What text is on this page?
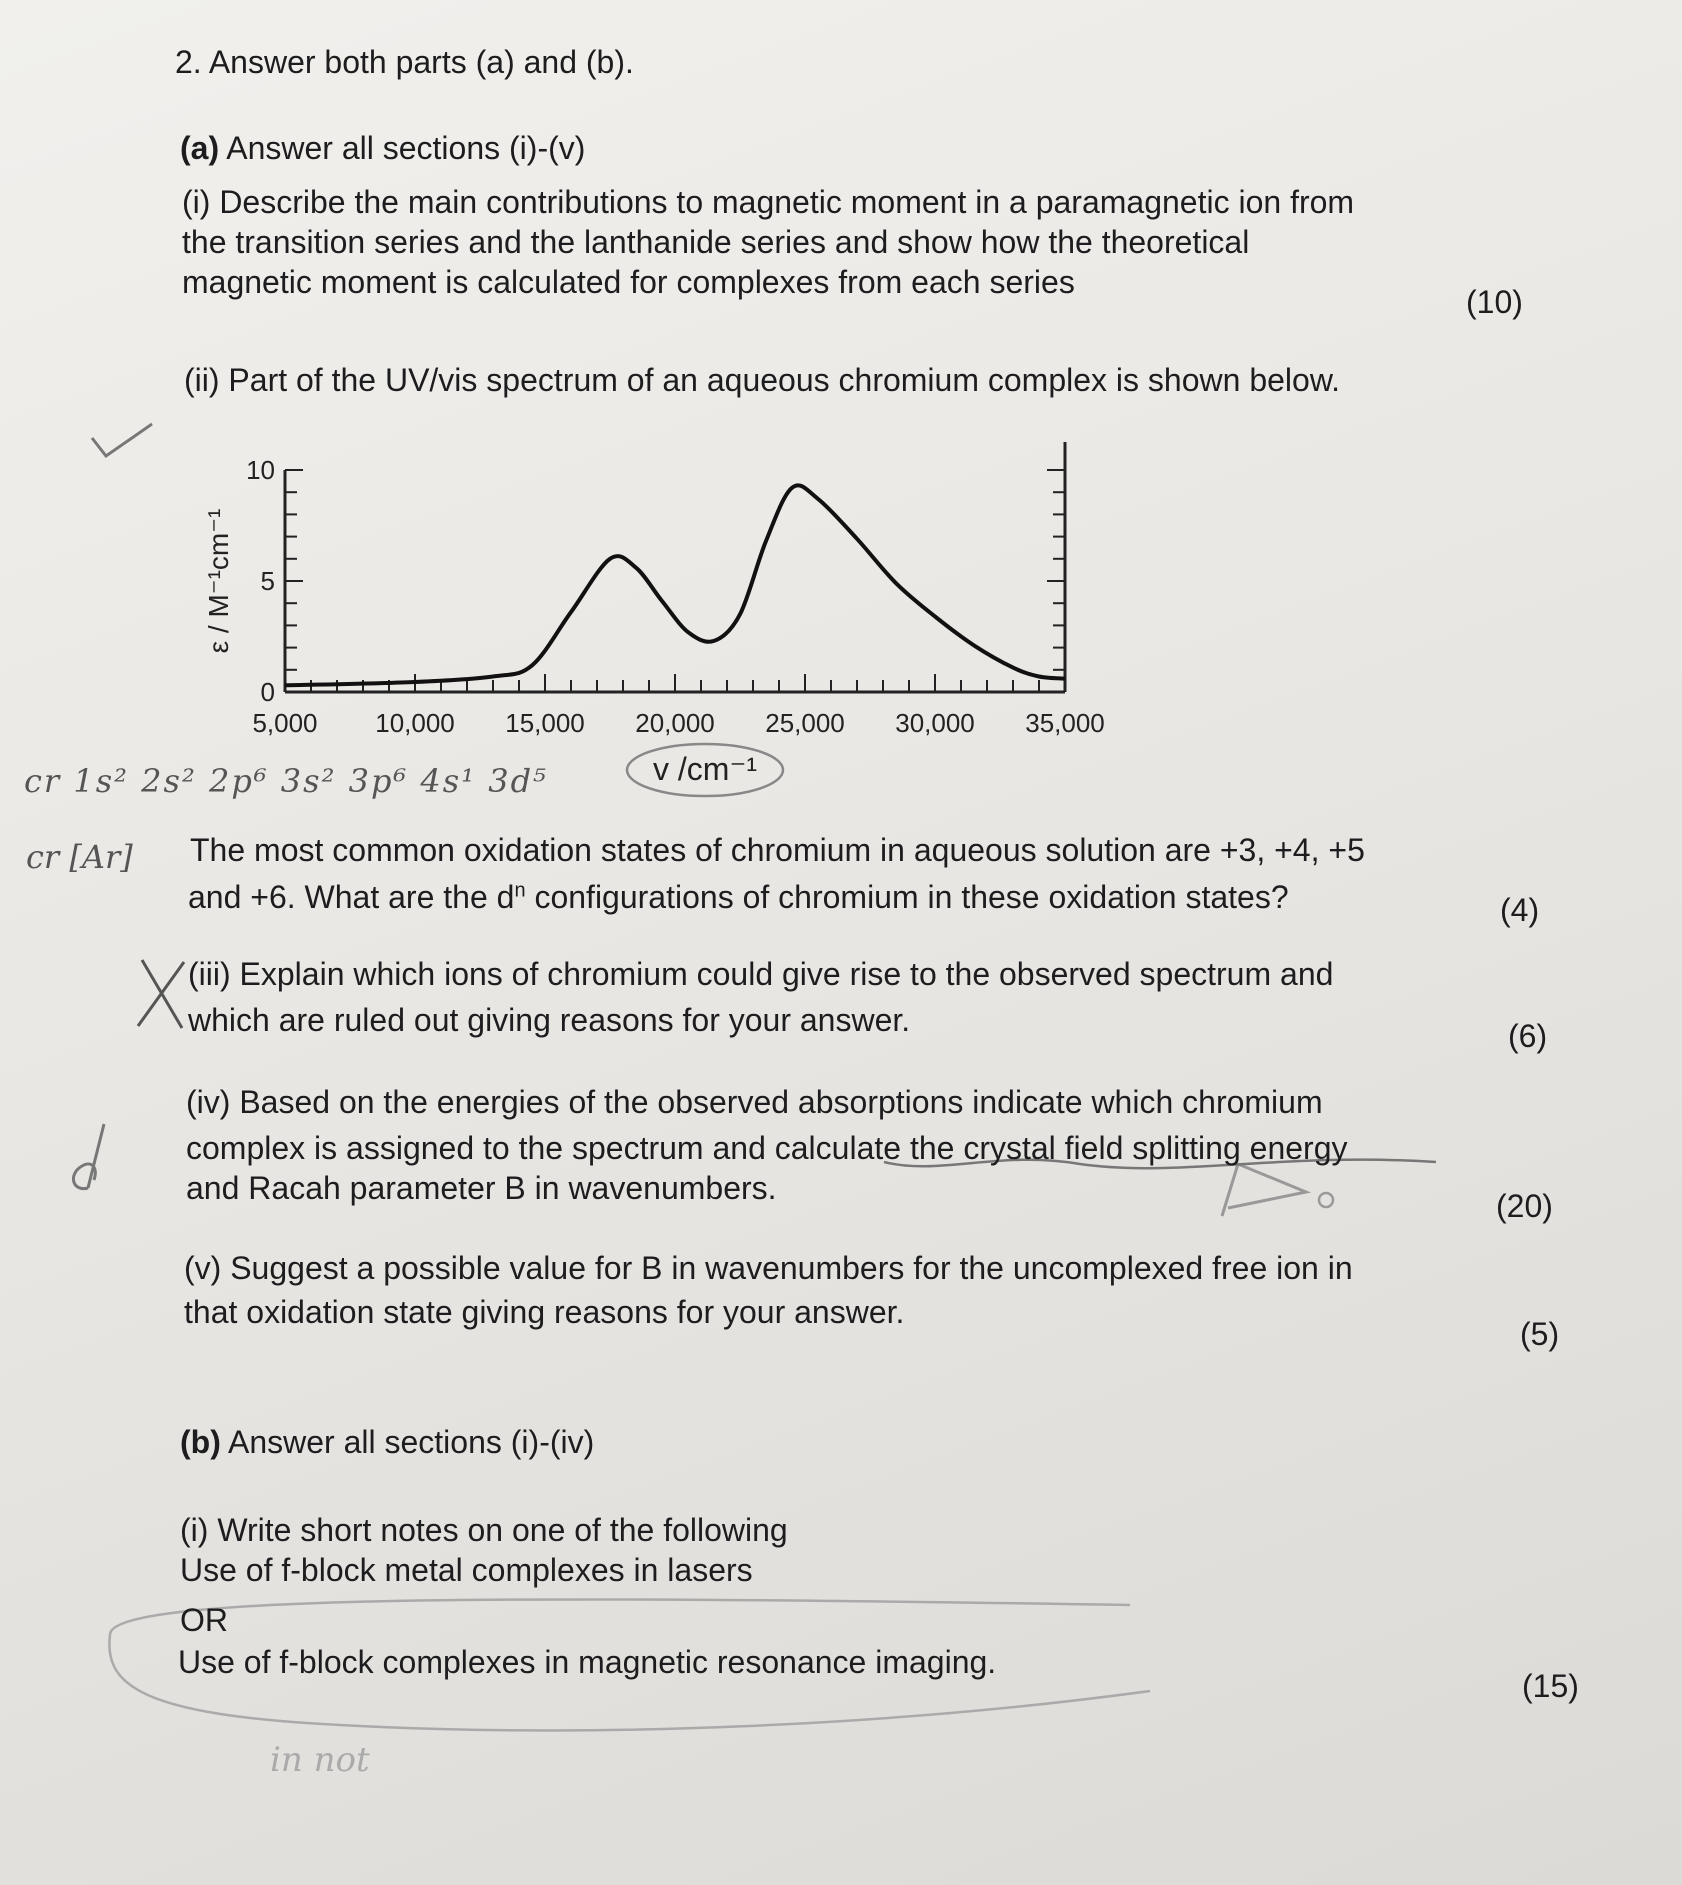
2. Answer both parts (a) and (b).
(a) Answer all sections (i)-(v)
(i) Describe the main contributions to magnetic moment in a paramagnetic ion from
the transition series and the lanthanide series and show how the theoretical
magnetic moment is calculated for complexes from each series
(10)
(ii) Part of the UV/vis spectrum of an aqueous chromium complex is shown below.
5,000 10,000 15,000 20,000 25,000 30,000 35,000
0
5
10
ε / M⁻¹cm⁻¹
v /cm⁻¹
cr 1s² 2s² 2p⁶ 3s² 3p⁶ 4s¹ 3d⁵
cr [Ar]
in not
The most common oxidation states of chromium in aqueous solution are +3, +4, +5
and +6. What are the $d^n$ configurations of chromium in these oxidation states?	(4)
(iii) Explain which ions of chromium could give rise to the observed spectrum and
which are ruled out giving reasons for your answer.	(6)
(iv) Based on the energies of the observed absorptions indicate which chromium
complex is assigned to the spectrum and calculate the crystal field splitting energy
and Racah parameter B in wavenumbers.	(20)
(v) Suggest a possible value for B in wavenumbers for the uncomplexed free ion in
that oxidation state giving reasons for your answer.
(5)
(b) Answer all sections (i)-(iv)
(i) Write short notes on one of the following
Use of f-block metal complexes in lasers
OR
Use of f-block complexes in magnetic resonance imaging.
(15)
